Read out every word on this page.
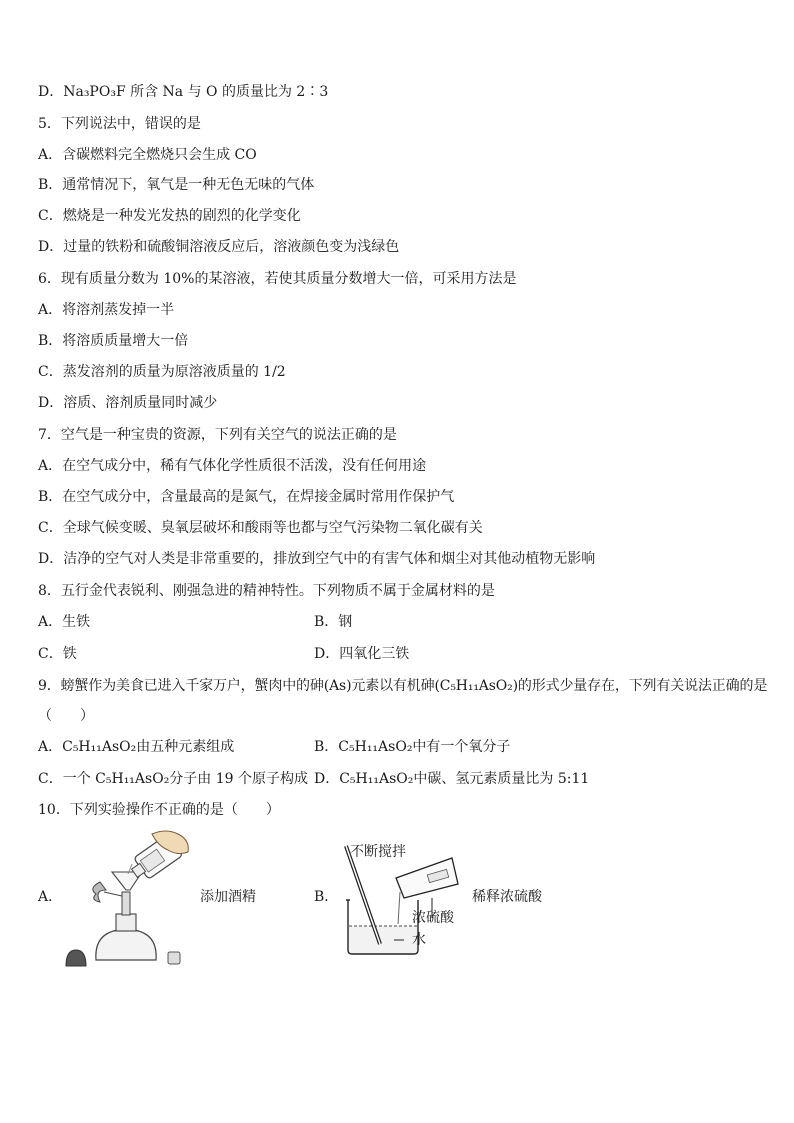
D．Na₃PO₃F 所含 Na 与 O 的质量比为 2∶3
5．下列说法中，错误的是
A．含碳燃料完全燃烧只会生成 CO
B．通常情况下，氧气是一种无色无味的气体
C．燃烧是一种发光发热的剧烈的化学变化
D．过量的铁粉和硫酸铜溶液反应后，溶液颜色变为浅绿色
6．现有质量分数为 10%的某溶液，若使其质量分数增大一倍，可采用方法是
A．将溶剂蒸发掉一半
B．将溶质质量增大一倍
C．蒸发溶剂的质量为原溶液质量的 1/2
D．溶质、溶剂质量同时减少
7．空气是一种宝贵的资源，下列有关空气的说法正确的是
A．在空气成分中，稀有气体化学性质很不活泼，没有任何用途
B．在空气成分中，含量最高的是氮气，在焊接金属时常用作保护气
C．全球气候变暖、臭氧层破坏和酸雨等也都与空气污染物二氧化碳有关
D．洁净的空气对人类是非常重要的，排放到空气中的有害气体和烟尘对其他动植物无影响
8．五行金代表锐利、刚强急进的精神特性。下列物质不属于金属材料的是
A．生铁	B．钢
C．铁	D．四氧化三铁
9．螃蟹作为美食已进入千家万户，蟹肉中的砷(As)元素以有机砷(C₅H₁₁AsO₂)的形式少量存在，下列有关说法正确的是
（　　）
A．C₅H₁₁AsO₂由五种元素组成	B．C₅H₁₁AsO₂中有一个氧分子
C．一个 C₅H₁₁AsO₂分子由 19 个原子构成 D．C₅H₁₁AsO₂中碳、氢元素质量比为 5:11
10．下列实验操作不正确的是（　　）
A．	添加酒精	B．
不断搅拌
稀释浓硫酸
浓硫酸
水
